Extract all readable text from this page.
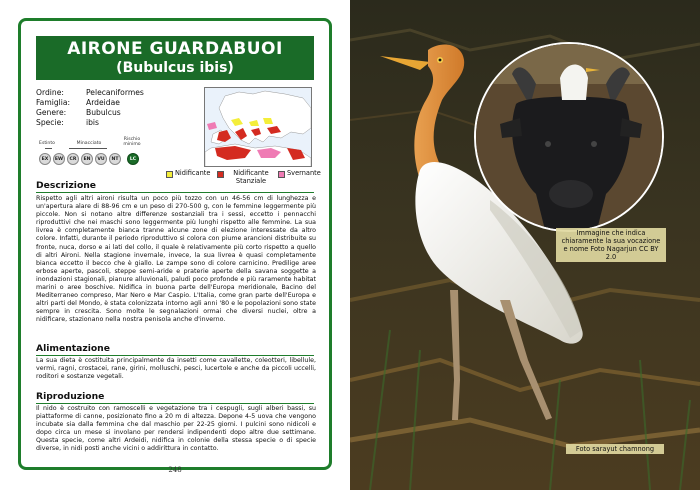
AIRONE GUARDABUOI
(Bubulcus ibis)
Ordine:	Pelecaniformes
Famiglia:	Ardeidae
Genere:	Bubulcus
Specie:	ibis
Estinto	Minacciato
Rischio minimo
EX	EW	CR	EN	VU	NT	LC
Nidificante	Nidificante Stanziale
Svernante
Descrizione
Rispetto agli altri aironi risulta un poco più tozzo con un 46-56 cm di lunghezza e un'apertura alare di 88-96 cm e un peso di 270-500 g, con le femmine leggermente più piccole. Non si notano altre differenze sostanziali tra i sessi, eccetto i pennacchi riproduttivi che nei maschi sono leggermente più lunghi rispetto alle femmine. La sua livrea è completamente bianca tranne alcune zone di elezione interessate da altro colore. Infatti, durante il periodo riproduttivo si colora con piume arancioni distribuite su fronte, nuca, dorso e ai lati del collo, il quale è relativamente più corto rispetto a quello di altri Aironi. Nella stagione invernale, invece, la sua livrea è quasi completamente bianca eccetto il becco che è giallo. Le zampe sono di colore carnicino. Predilige aree erbose aperte, pascoli, steppe semi-aride e praterie aperte della savana soggette a inondazioni stagionali, pianure alluvionali, paludi poco profonde e più raramente habitat marini o aree boschive. Nidifica in buona parte dell'Europa meridionale, Bacino del Mediterraneo compreso, Mar Nero e Mar Caspio. L'Italia, come gran parte dell'Europa e altri parti del Mondo, è stata colonizzata intorno agli anni '80 e le popolazioni sono state sempre in crescita. Sono molte le segnalazioni ormai che diversi nuclei, oltre a nidificare, stazionano nella nostra penisola anche d'inverno.
Alimentazione
La sua dieta è costituita principalmente da insetti come cavallette, coleotteri, libellule, vermi, ragni, crostacei, rane, girini, molluschi, pesci, lucertole e anche da piccoli uccelli, roditori e sostanze vegetali.
Riproduzione
Il nido è costruito con ramoscelli e vegetazione tra i cespugli, sugli alberi bassi, su piattaforme di canne, posizionato fino a 20 m di altezza. Depone 4-5 uova che vengono incubate sia dalla femmina che dal maschio per 22-25 giorni. I pulcini sono nidicoli e dopo circa un mese si involano per rendersi indipendenti dopo altre due settimane. Questa specie, come altri Ardeidi, nidifica in colonie della stessa specie o di specie diverse, in nidi posti anche vicini o addirittura in contatto.
248
Immagine che indica chiaramente la sua vocazione e nome Foto Nagarjun CC BY 2.0
Foto sarayut chamnong
